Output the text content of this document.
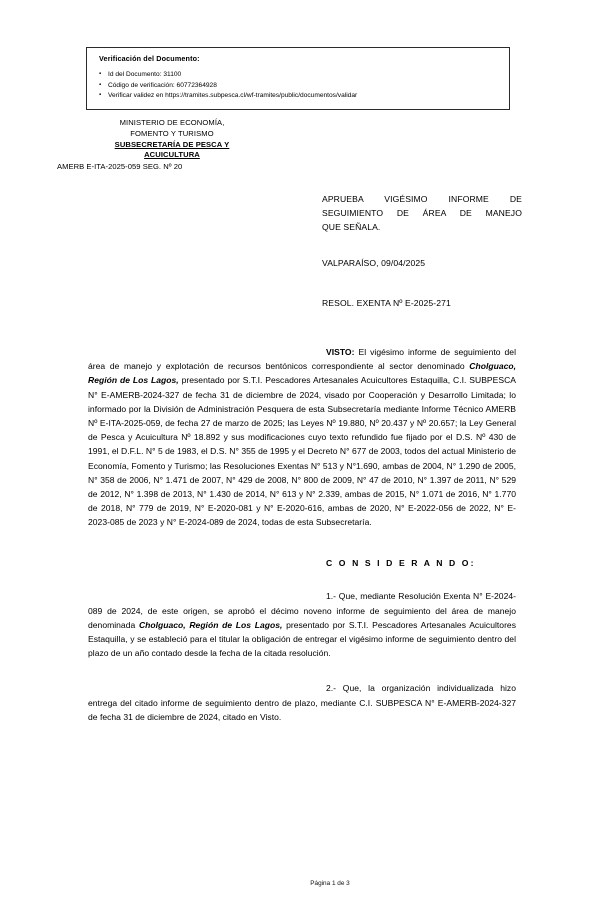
Verificación del Documento:
▪ Id del Documento: 31100
▪ Código de verificación: 60772364928
▪ Verificar validez en https://tramites.subpesca.cl/wf-tramites/public/documentos/validar
MINISTERIO DE ECONOMÍA,
FOMENTO Y TURISMO
SUBSECRETARÍA DE PESCA Y
ACUICULTURA
AMERB E-ITA-2025-059 SEG. Nº 20
APRUEBA VIGÉSIMO INFORME DE
SEGUIMIENTO DE ÁREA DE MANEJO
QUE SEÑALA.
VALPARAÍSO, 09/04/2025
RESOL. EXENTA Nº E-2025-271

VISTO: El vigésimo informe de seguimiento del área de manejo y explotación de recursos bentónicos correspondiente al sector denominado Cholguaco, Región de Los Lagos, presentado por S.T.I. Pescadores Artesanales Acuicultores Estaquilla, C.I. SUBPESCA N° E-AMERB-2024-327 de fecha 31 de diciembre de 2024, visado por Cooperación y Desarrollo Limitada; lo informado por la División de Administración Pesquera de esta Subsecretaría mediante Informe Técnico AMERB Nº E-ITA-2025-059, de fecha 27 de marzo de 2025; las Leyes Nº 19.880, Nº 20.437 y Nº 20.657; la Ley General de Pesca y Acuicultura Nº 18.892 y sus modificaciones cuyo texto refundido fue fijado por el D.S. Nº 430 de 1991, el D.F.L. N° 5 de 1983, el D.S. N° 355 de 1995 y el Decreto N° 677 de 2003, todos del actual Ministerio de Economía, Fomento y Turismo; las Resoluciones Exentas N° 513 y N°1.690, ambas de 2004, N° 1.290 de 2005, N° 358 de 2006, N° 1.471 de 2007, N° 429 de 2008, N° 800 de 2009, N° 47 de 2010, N° 1.397 de 2011, N° 529 de 2012, N° 1.398 de 2013, N° 1.430 de 2014, N° 613 y N° 2.339, ambas de 2015, N° 1.071 de 2016, N° 1.770 de 2018, N° 779 de 2019, N° E-2020-081 y N° E-2020-616, ambas de 2020, N° E-2022-056 de 2022, N° E-2023-085 de 2023 y N° E-2024-089 de 2024, todas de esta Subsecretaría.

C O N S I D E R A N D O:

1.- Que, mediante Resolución Exenta N° E-2024-089 de 2024, de este origen, se aprobó el décimo noveno informe de seguimiento del área de manejo denominada Cholguaco, Región de Los Lagos, presentado por S.T.I. Pescadores Artesanales Acuicultores Estaquilla, y se estableció para el titular la obligación de entregar el vigésimo informe de seguimiento dentro del plazo de un año contado desde la fecha de la citada resolución.

2.- Que, la organización individualizada hizo entrega del citado informe de seguimiento dentro de plazo, mediante C.I. SUBPESCA N° E-AMERB-2024-327 de fecha 31 de diciembre de 2024, citado en Visto.

Página 1 de 3
